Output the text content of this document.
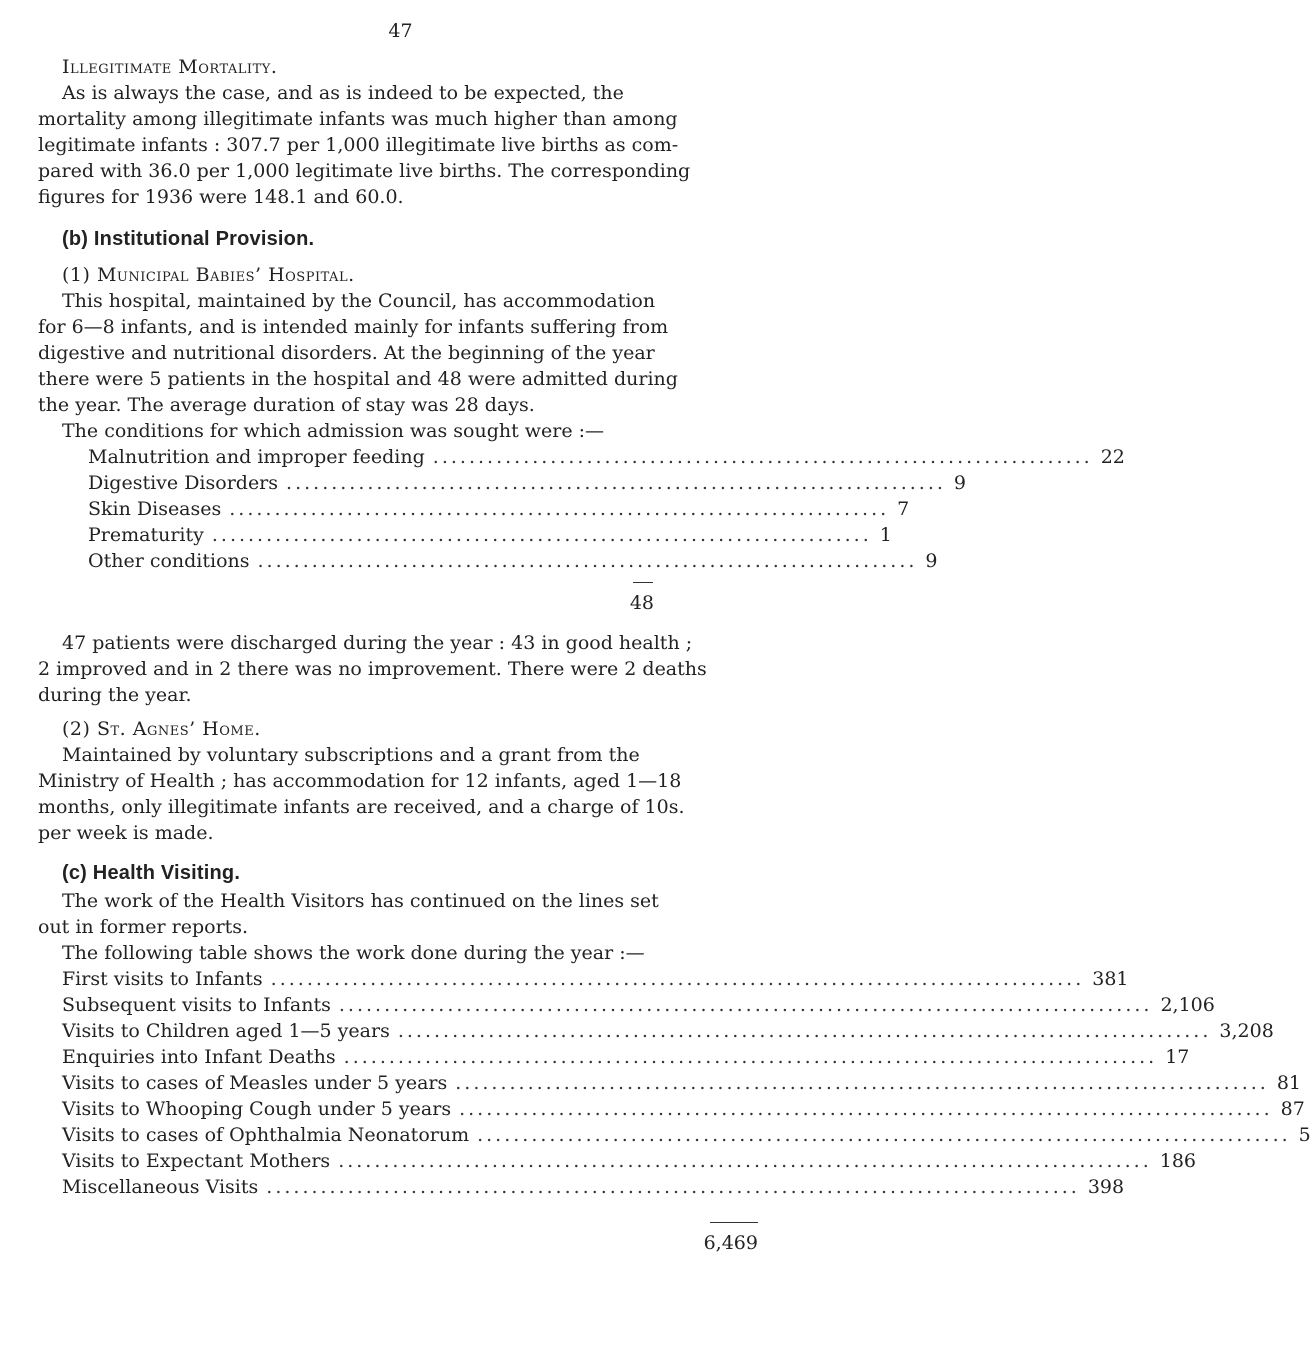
47
Illegitimate Mortality.
As is always the case, and as is indeed to be expected, the
mortality among illegitimate infants was much higher than among
legitimate infants : 307.7 per 1,000 illegitimate live births as com-
pared with 36.0 per 1,000 legitimate live births. The corresponding
figures for 1936 were 148.1 and 60.0.
(b) Institutional Provision.
(1) Municipal Babies’ Hospital.
This hospital, maintained by the Council, has accommodation
for 6—8 infants, and is intended mainly for infants suffering from
digestive and nutritional disorders. At the beginning of the year
there were 5 patients in the hospital and 48 were admitted during
the year. The average duration of stay was 28 days.
The conditions for which admission was sought were :—
Malnutrition and improper feeding ......................................................................... 22
Digestive Disorders ......................................................................... 9
Skin Diseases ......................................................................... 7
Prematurity ......................................................................... 1
Other conditions ......................................................................... 9
48
47 patients were discharged during the year : 43 in good health ;
2 improved and in 2 there was no improvement. There were 2 deaths
during the year.
(2) St. Agnes’ Home.
Maintained by voluntary subscriptions and a grant from the
Ministry of Health ; has accommodation for 12 infants, aged 1—18
months, only illegitimate infants are received, and a charge of 10s.
per week is made.
(c) Health Visiting.
The work of the Health Visitors has continued on the lines set
out in former reports.
The following table shows the work done during the year :—
First visits to Infants .......................................................................................... 381
Subsequent visits to Infants .......................................................................................... 2,106
Visits to Children aged 1—5 years .......................................................................................... 3,208
Enquiries into Infant Deaths .......................................................................................... 17
Visits to cases of Measles under 5 years .......................................................................................... 81
Visits to Whooping Cough under 5 years .......................................................................................... 87
Visits to cases of Ophthalmia Neonatorum .......................................................................................... 5
Visits to Expectant Mothers .......................................................................................... 186
Miscellaneous Visits .......................................................................................... 398
6,469
